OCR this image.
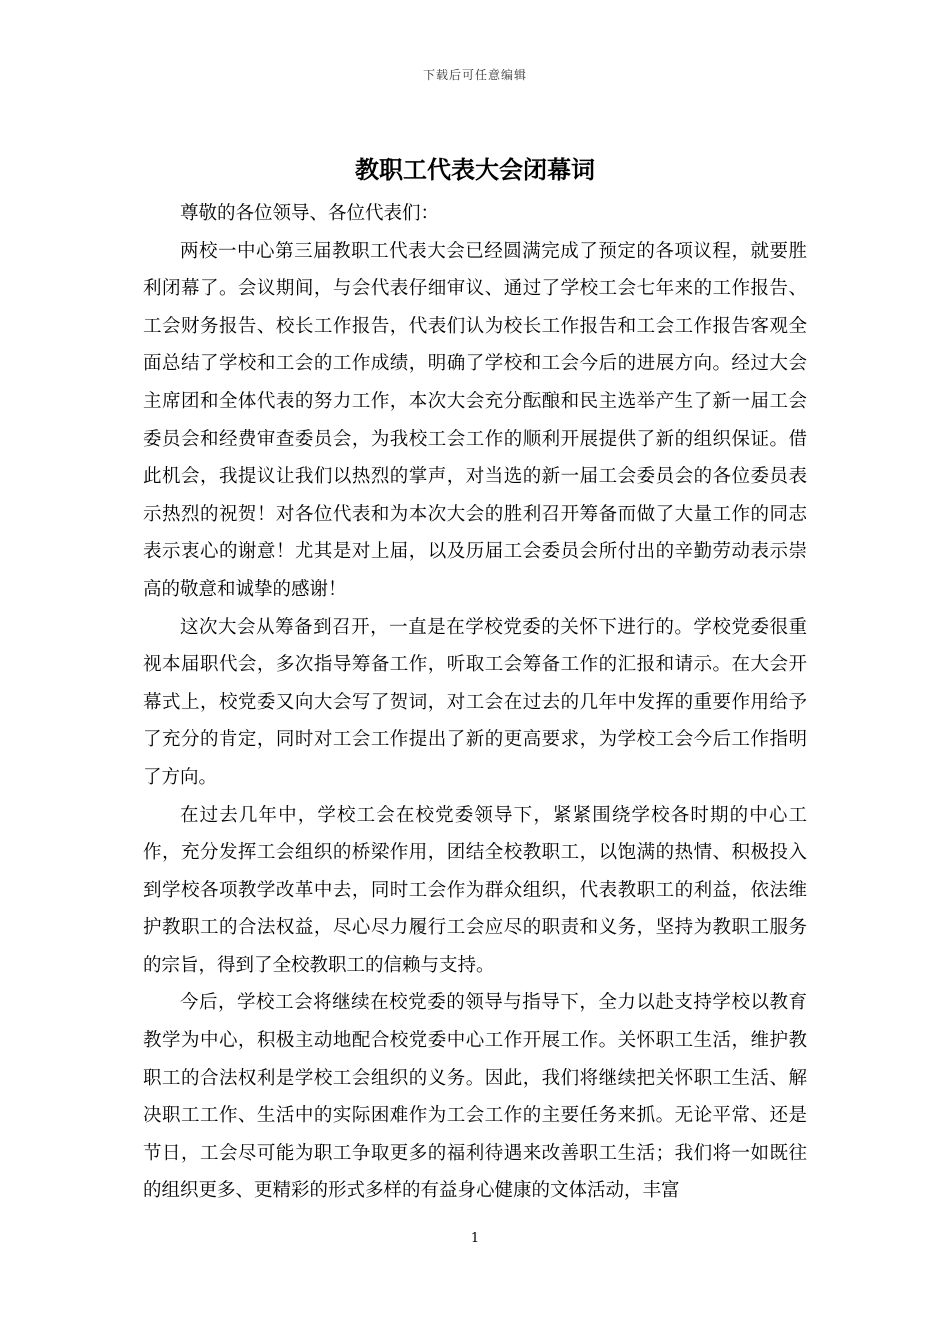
下载后可任意编辑
教职工代表大会闭幕词

尊敬的各位领导、各位代表们：

两校一中心第三届教职工代表大会已经圆满完成了预定的各项议程，就要胜利闭幕了。会议期间，与会代表仔细审议、通过了学校工会七年来的工作报告、工会财务报告、校长工作报告，代表们认为校长工作报告和工会工作报告客观全面总结了学校和工会的工作成绩，明确了学校和工会今后的进展方向。经过大会主席团和全体代表的努力工作，本次大会充分酝酿和民主选举产生了新一届工会委员会和经费审查委员会，为我校工会工作的顺利开展提供了新的组织保证。借此机会，我提议让我们以热烈的掌声，对当选的新一届工会委员会的各位委员表示热烈的祝贺！对各位代表和为本次大会的胜利召开筹备而做了大量工作的同志表示衷心的谢意！尤其是对上届，以及历届工会委员会所付出的辛勤劳动表示崇高的敬意和诚挚的感谢！

这次大会从筹备到召开，一直是在学校党委的关怀下进行的。学校党委很重视本届职代会，多次指导筹备工作，听取工会筹备工作的汇报和请示。在大会开幕式上，校党委又向大会写了贺词，对工会在过去的几年中发挥的重要作用给予了充分的肯定，同时对工会工作提出了新的更高要求，为学校工会今后工作指明了方向。

在过去几年中，学校工会在校党委领导下，紧紧围绕学校各时期的中心工作，充分发挥工会组织的桥梁作用，团结全校教职工，以饱满的热情、积极投入到学校各项教学改革中去，同时工会作为群众组织，代表教职工的利益，依法维护教职工的合法权益，尽心尽力履行工会应尽的职责和义务，坚持为教职工服务的宗旨，得到了全校教职工的信赖与支持。

今后，学校工会将继续在校党委的领导与指导下，全力以赴支持学校以教育教学为中心，积极主动地配合校党委中心工作开展工作。关怀职工生活，维护教职工的合法权利是学校工会组织的义务。因此，我们将继续把关怀职工生活、解决职工工作、生活中的实际困难作为工会工作的主要任务来抓。无论平常、还是节日，工会尽可能为职工争取更多的福利待遇来改善职工生活；我们将一如既往的组织更多、更精彩的形式多样的有益身心健康的文体活动，丰富

1
